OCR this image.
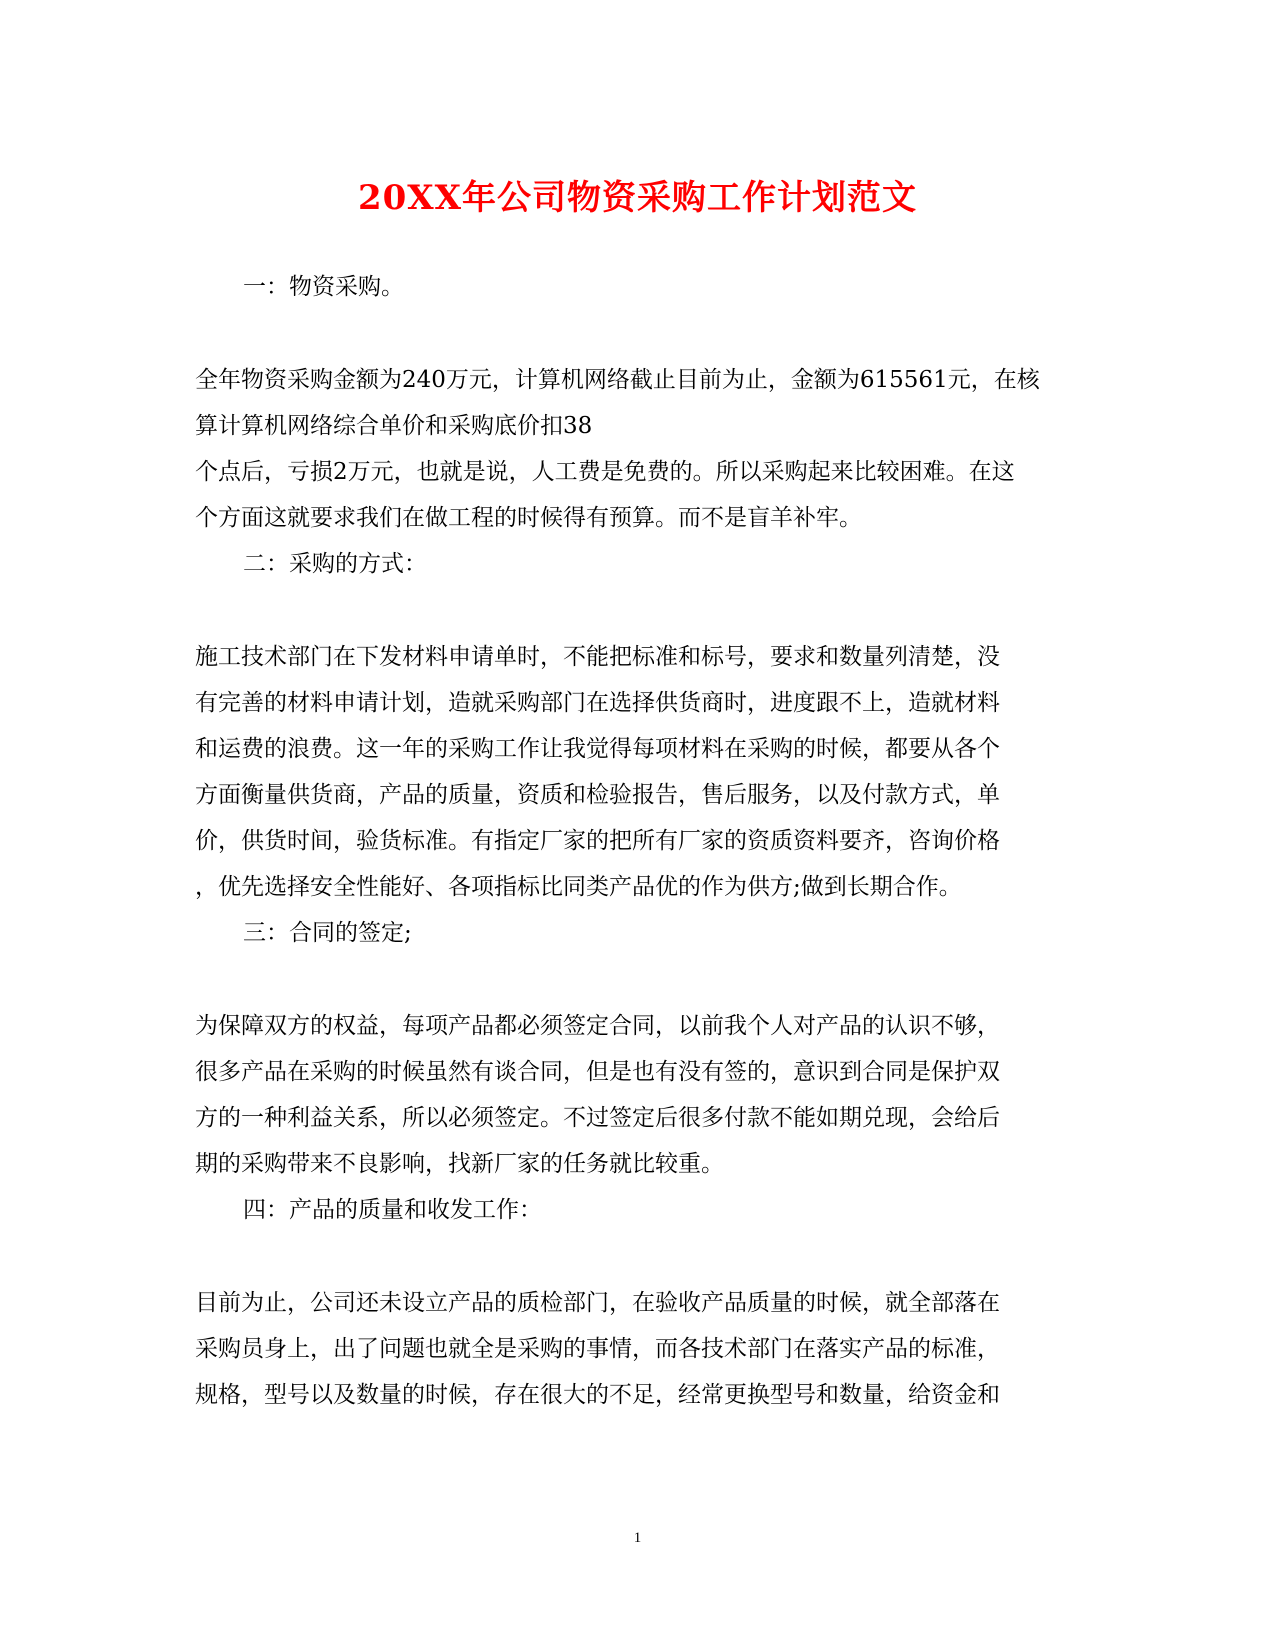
20XX年公司物资采购工作计划范文

一：物资采购。

全年物资采购金额为240万元，计算机网络截止目前为止，金额为615561元，在核

算计算机网络综合单价和采购底价扣38

个点后，亏损2万元，也就是说，人工费是免费的。所以采购起来比较困难。在这

个方面这就要求我们在做工程的时候得有预算。而不是盲羊补牢。

二：采购的方式：

施工技术部门在下发材料申请单时，不能把标准和标号，要求和数量列清楚，没

有完善的材料申请计划，造就采购部门在选择供货商时，进度跟不上，造就材料

和运费的浪费。这一年的采购工作让我觉得每项材料在采购的时候，都要从各个

方面衡量供货商，产品的质量，资质和检验报告，售后服务，以及付款方式，单

价，供货时间，验货标准。有指定厂家的把所有厂家的资质资料要齐，咨询价格

，优先选择安全性能好、各项指标比同类产品优的作为供方;做到长期合作。

三：合同的签定;

为保障双方的权益，每项产品都必须签定合同，以前我个人对产品的认识不够，

很多产品在采购的时候虽然有谈合同，但是也有没有签的，意识到合同是保护双

方的一种利益关系，所以必须签定。不过签定后很多付款不能如期兑现，会给后

期的采购带来不良影响，找新厂家的任务就比较重。

四：产品的质量和收发工作：

目前为止，公司还未设立产品的质检部门，在验收产品质量的时候，就全部落在

采购员身上，出了问题也就全是采购的事情，而各技术部门在落实产品的标准，

规格，型号以及数量的时候，存在很大的不足，经常更换型号和数量，给资金和

1
